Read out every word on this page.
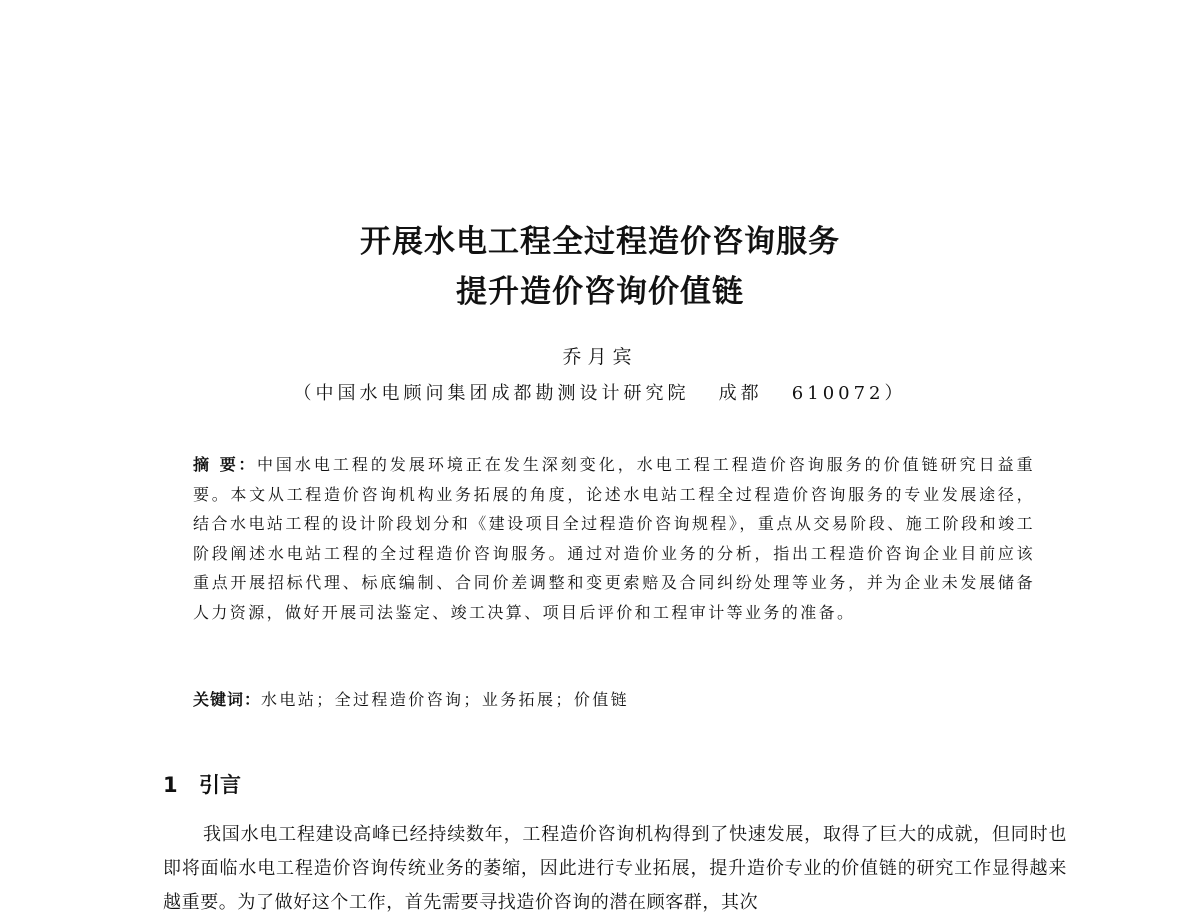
开展水电工程全过程造价咨询服务
提升造价咨询价值链
乔月宾
（中国水电顾问集团成都勘测设计研究院   成都   610072）
摘 要：中国水电工程的发展环境正在发生深刻变化，水电工程工程造价咨询服务的价值链研究日益重要。本文从工程造价咨询机构业务拓展的角度，论述水电站工程全过程造价咨询服务的专业发展途径，结合水电站工程的设计阶段划分和《建设项目全过程造价咨询规程》，重点从交易阶段、施工阶段和竣工阶段阐述水电站工程的全过程造价咨询服务。通过对造价业务的分析，指出工程造价咨询企业目前应该重点开展招标代理、标底编制、合同价差调整和变更索赔及合同纠纷处理等业务，并为企业未发展储备人力资源，做好开展司法鉴定、竣工决算、项目后评价和工程审计等业务的准备。
关键词：水电站；全过程造价咨询；业务拓展；价值链
1 引言
我国水电工程建设高峰已经持续数年，工程造价咨询机构得到了快速发展，取得了巨大的成就，但同时也即将面临水电工程造价咨询传统业务的萎缩，因此进行专业拓展，提升造价专业的价值链的研究工作显得越来越重要。为了做好这个工作，首先需要寻找造价咨询的潜在顾客群，其次
